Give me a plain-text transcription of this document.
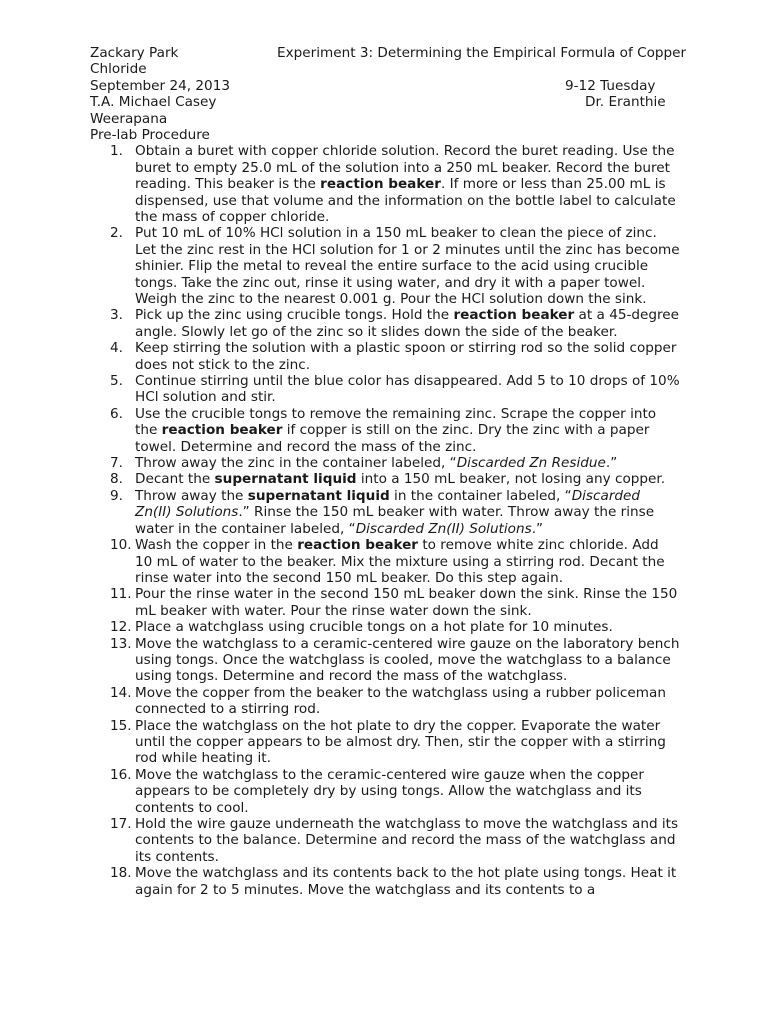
Zackary Park	Experiment 3: Determining the Empirical Formula of Copper
Chloride
September 24, 2013	9-12 Tuesday
T.A. Michael Casey	Dr. Eranthie
Weerapana
Pre-lab Procedure
1. Obtain a buret with copper chloride solution. Record the buret reading. Use the buret to empty 25.0 mL of the solution into a 250 mL beaker. Record the buret reading. This beaker is the reaction beaker. If more or less than 25.00 mL is dispensed, use that volume and the information on the bottle label to calculate the mass of copper chloride.
2. Put 10 mL of 10% HCl solution in a 150 mL beaker to clean the piece of zinc. Let the zinc rest in the HCl solution for 1 or 2 minutes until the zinc has become shinier. Flip the metal to reveal the entire surface to the acid using crucible tongs. Take the zinc out, rinse it using water, and dry it with a paper towel. Weigh the zinc to the nearest 0.001 g. Pour the HCl solution down the sink.
3. Pick up the zinc using crucible tongs. Hold the reaction beaker at a 45-degree angle. Slowly let go of the zinc so it slides down the side of the beaker.
4. Keep stirring the solution with a plastic spoon or stirring rod so the solid copper does not stick to the zinc.
5. Continue stirring until the blue color has disappeared. Add 5 to 10 drops of 10% HCl solution and stir.
6. Use the crucible tongs to remove the remaining zinc. Scrape the copper into the reaction beaker if copper is still on the zinc. Dry the zinc with a paper towel. Determine and record the mass of the zinc.
7. Throw away the zinc in the container labeled, “Discarded Zn Residue.”
8. Decant the supernatant liquid into a 150 mL beaker, not losing any copper.
9. Throw away the supernatant liquid in the container labeled, “Discarded Zn(II) Solutions.” Rinse the 150 mL beaker with water. Throw away the rinse water in the container labeled, “Discarded Zn(II) Solutions.”
10. Wash the copper in the reaction beaker to remove white zinc chloride. Add 10 mL of water to the beaker. Mix the mixture using a stirring rod. Decant the rinse water into the second 150 mL beaker. Do this step again.
11. Pour the rinse water in the second 150 mL beaker down the sink. Rinse the 150 mL beaker with water. Pour the rinse water down the sink.
12. Place a watchglass using crucible tongs on a hot plate for 10 minutes.
13. Move the watchglass to a ceramic-centered wire gauze on the laboratory bench using tongs. Once the watchglass is cooled, move the watchglass to a balance using tongs. Determine and record the mass of the watchglass.
14. Move the copper from the beaker to the watchglass using a rubber policeman connected to a stirring rod.
15. Place the watchglass on the hot plate to dry the copper. Evaporate the water until the copper appears to be almost dry. Then, stir the copper with a stirring rod while heating it.
16. Move the watchglass to the ceramic-centered wire gauze when the copper appears to be completely dry by using tongs. Allow the watchglass and its contents to cool.
17. Hold the wire gauze underneath the watchglass to move the watchglass and its contents to the balance. Determine and record the mass of the watchglass and its contents.
18. Move the watchglass and its contents back to the hot plate using tongs. Heat it again for 2 to 5 minutes. Move the watchglass and its contents to a
